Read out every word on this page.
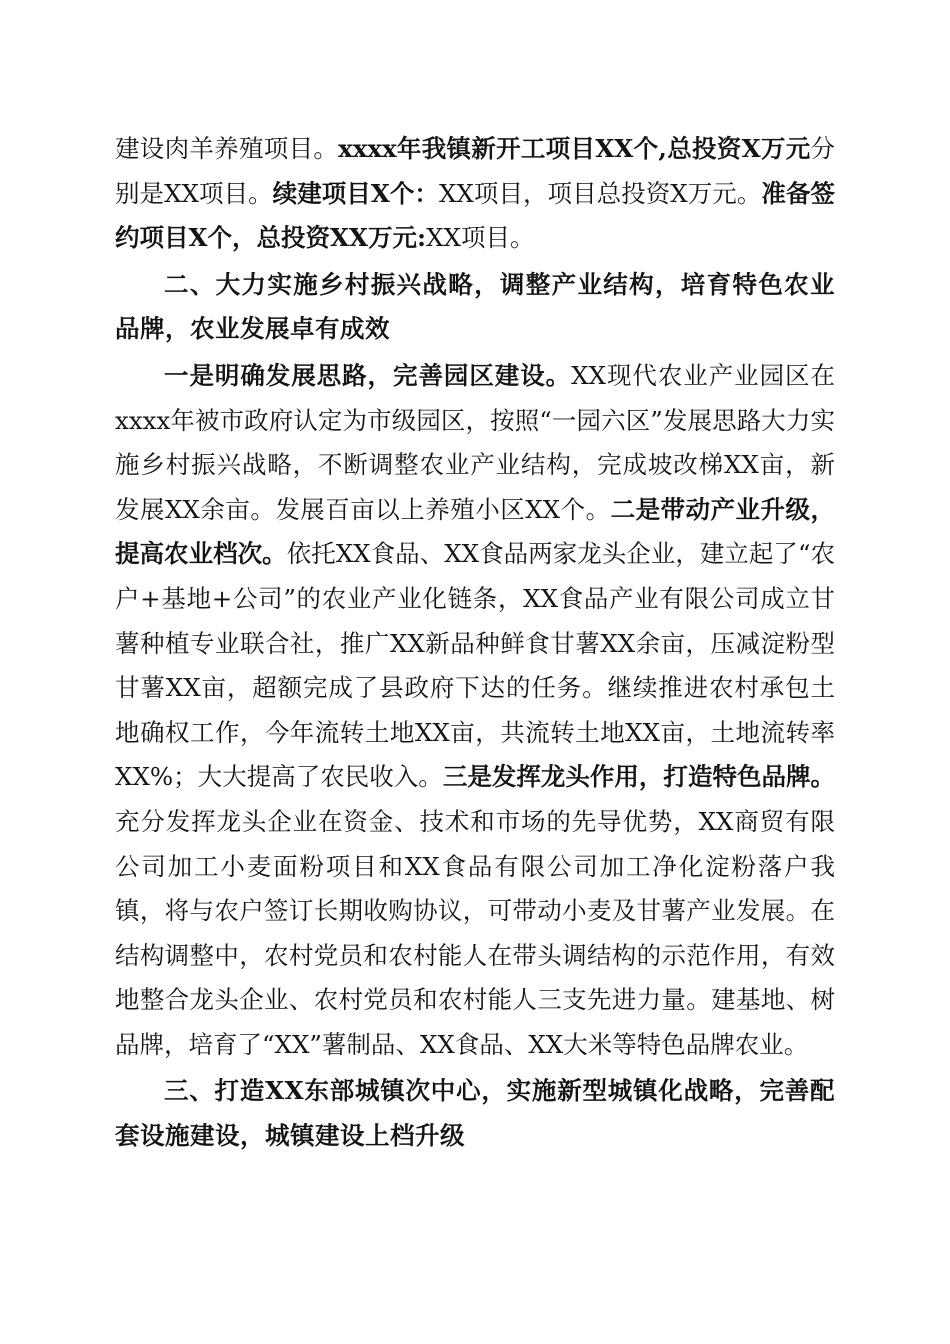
建设肉羊养殖项目。xxxx年我镇新开工项目XX个,总投资X万元分别是XX项目。续建项目X个：XX项目，项目总投资X万元。准备签约项目X个，总投资XX万元:XX项目。

二、大力实施乡村振兴战略，调整产业结构，培育特色农业品牌，农业发展卓有成效

一是明确发展思路，完善园区建设。XX现代农业产业园区在xxxx年被市政府认定为市级园区，按照“一园六区”发展思路大力实施乡村振兴战略，不断调整农业产业结构，完成坡改梯XX亩，新发展XX余亩。发展百亩以上养殖小区XX个。二是带动产业升级，提高农业档次。依托XX食品、XX食品两家龙头企业，建立起了“农户+基地+公司”的农业产业化链条，XX食品产业有限公司成立甘薯种植专业联合社，推广XX新品种鲜食甘薯XX余亩，压减淀粉型甘薯XX亩，超额完成了县政府下达的任务。继续推进农村承包土地确权工作，今年流转土地XX亩，共流转土地XX亩，土地流转率XX%；大大提高了农民收入。三是发挥龙头作用，打造特色品牌。充分发挥龙头企业在资金、技术和市场的先导优势，XX商贸有限公司加工小麦面粉项目和XX食品有限公司加工净化淀粉落户我镇，将与农户签订长期收购协议，可带动小麦及甘薯产业发展。在结构调整中，农村党员和农村能人在带头调结构的示范作用，有效地整合龙头企业、农村党员和农村能人三支先进力量。建基地、树品牌，培育了“XX”薯制品、XX食品、XX大米等特色品牌农业。

三、打造XX东部城镇次中心，实施新型城镇化战略，完善配套设施建设，城镇建设上档升级
